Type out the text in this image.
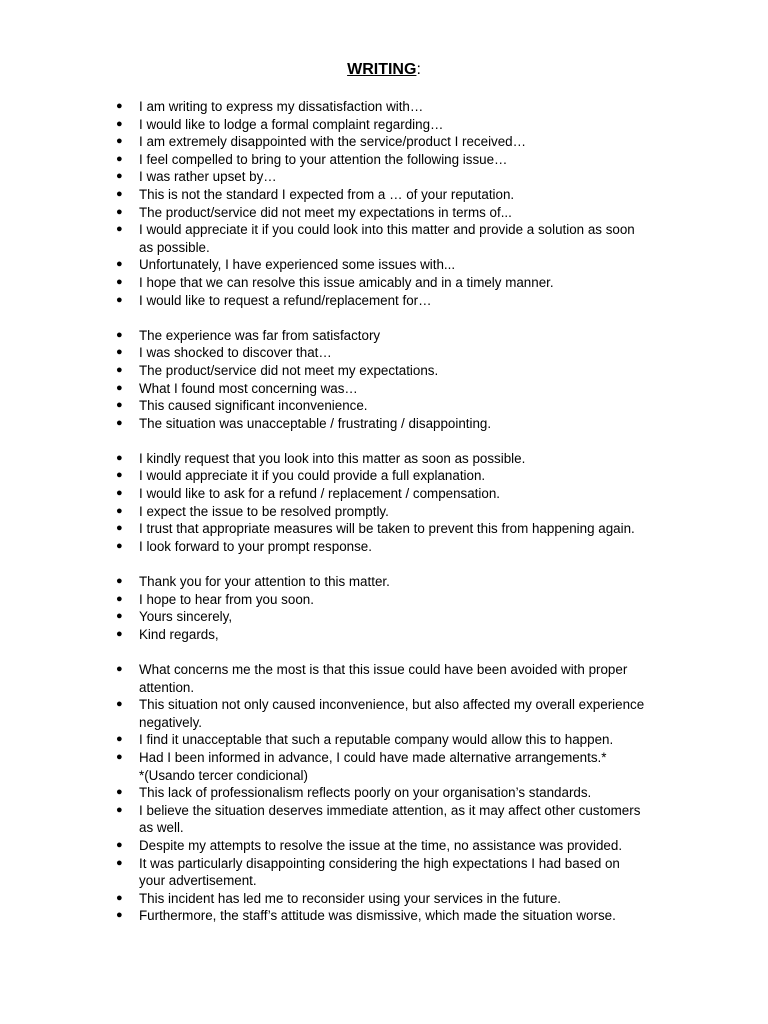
WRITING:
● I am writing to express my dissatisfaction with…
● I would like to lodge a formal complaint regarding…
● I am extremely disappointed with the service/product I received…
● I feel compelled to bring to your attention the following issue…
● I was rather upset by…
● This is not the standard I expected from a … of your reputation.
● The product/service did not meet my expectations in terms of...
● I would appreciate it if you could look into this matter and provide a solution as soon
as possible.
● Unfortunately, I have experienced some issues with...
● I hope that we can resolve this issue amicably and in a timely manner.
● I would like to request a refund/replacement for…
● The experience was far from satisfactory
● I was shocked to discover that…
● The product/service did not meet my expectations.
● What I found most concerning was…
● This caused significant inconvenience.
● The situation was unacceptable / frustrating / disappointing.
● I kindly request that you look into this matter as soon as possible.
● I would appreciate it if you could provide a full explanation.
● I would like to ask for a refund / replacement / compensation.
● I expect the issue to be resolved promptly.
● I trust that appropriate measures will be taken to prevent this from happening again.
● I look forward to your prompt response.
● Thank you for your attention to this matter.
● I hope to hear from you soon.
● Yours sincerely,
● Kind regards,
● What concerns me the most is that this issue could have been avoided with proper
attention.
● This situation not only caused inconvenience, but also affected my overall experience
negatively.
● I find it unacceptable that such a reputable company would allow this to happen.
● Had I been informed in advance, I could have made alternative arrangements.*
*(Usando tercer condicional)
● This lack of professionalism reflects poorly on your organisation’s standards.
● I believe the situation deserves immediate attention, as it may affect other customers
as well.
● Despite my attempts to resolve the issue at the time, no assistance was provided.
● It was particularly disappointing considering the high expectations I had based on
your advertisement.
● This incident has led me to reconsider using your services in the future.
● Furthermore, the staff’s attitude was dismissive, which made the situation worse.
